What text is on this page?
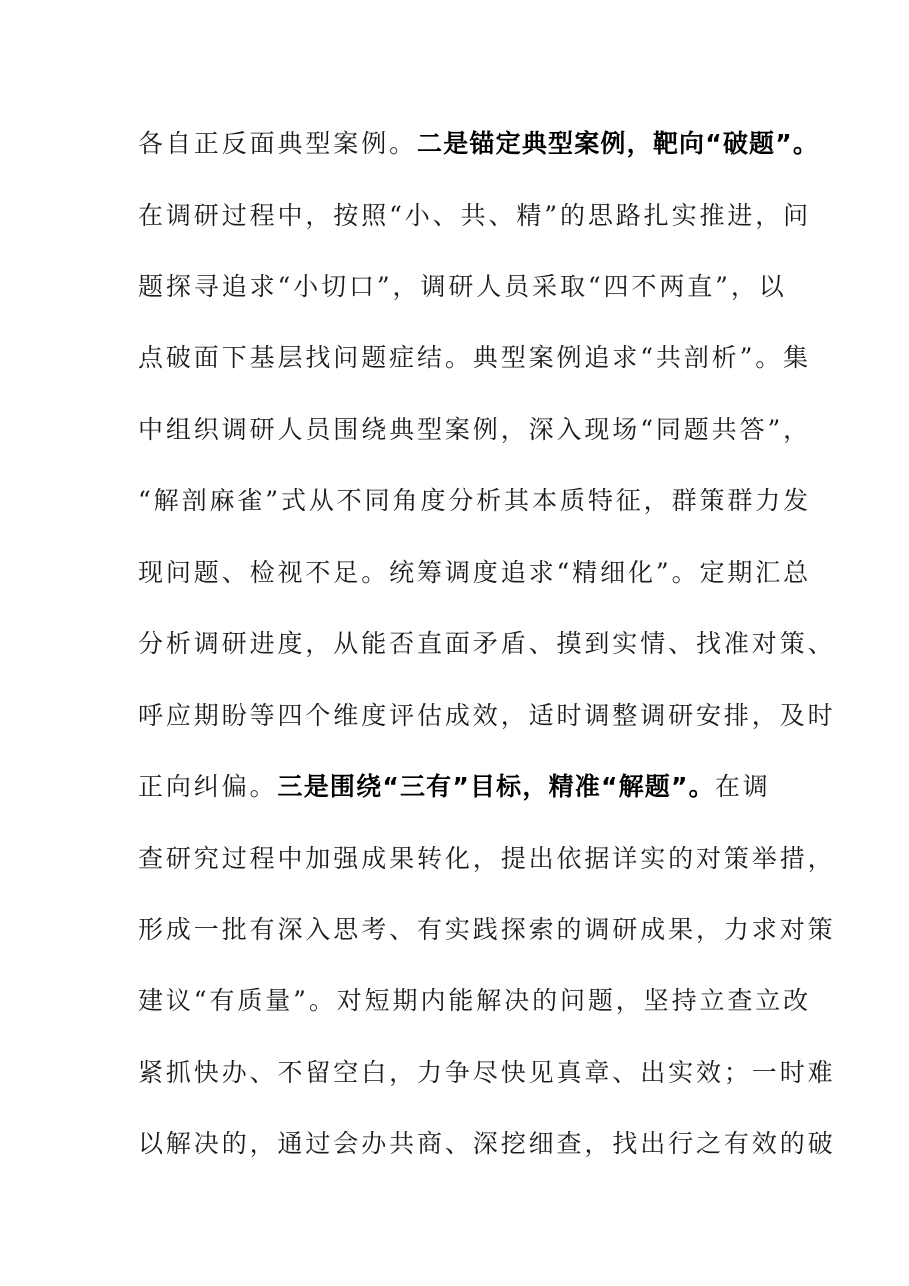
各自正反面典型案例。二是锚定典型案例，靶向“破题”。
在调研过程中，按照“小、共、精”的思路扎实推进，问
题探寻追求“小切口”，调研人员采取“四不两直”，以
点破面下基层找问题症结。典型案例追求“共剖析”。集
中组织调研人员围绕典型案例，深入现场“同题共答”，
“解剖麻雀”式从不同角度分析其本质特征，群策群力发
现问题、检视不足。统筹调度追求“精细化”。定期汇总
分析调研进度，从能否直面矛盾、摸到实情、找准对策、
呼应期盼等四个维度评估成效，适时调整调研安排，及时
正向纠偏。三是围绕“三有”目标，精准“解题”。在调
查研究过程中加强成果转化，提出依据详实的对策举措，
形成一批有深入思考、有实践探索的调研成果，力求对策
建议“有质量”。对短期内能解决的问题，坚持立查立改
紧抓快办、不留空白，力争尽快见真章、出实效；一时难
以解决的，通过会办共商、深挖细查，找出行之有效的破
